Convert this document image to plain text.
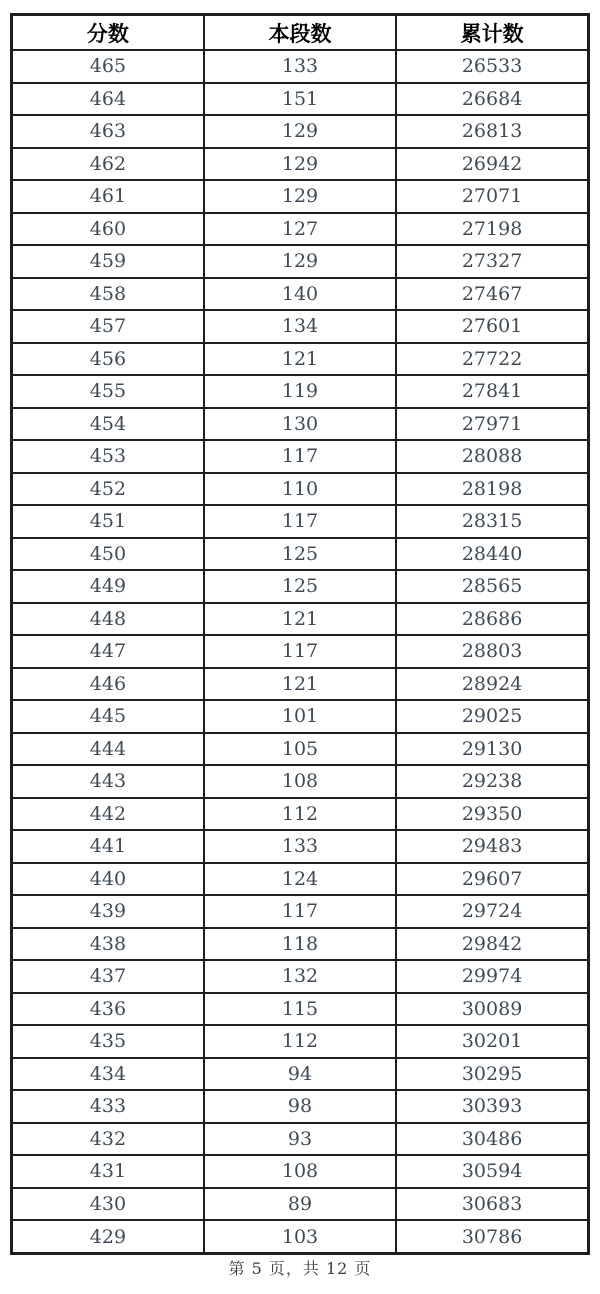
分数	本段数	累计数
465	133	26533
464	151	26684
463	129	26813
462	129	26942
461	129	27071
460	127	27198
459	129	27327
458	140	27467
457	134	27601
456	121	27722
455	119	27841
454	130	27971
453	117	28088
452	110	28198
451	117	28315
450	125	28440
449	125	28565
448	121	28686
447	117	28803
446	121	28924
445	101	29025
444	105	29130
443	108	29238
442	112	29350
441	133	29483
440	124	29607
439	117	29724
438	118	29842
437	132	29974
436	115	30089
435	112	30201
434	94	30295
433	98	30393
432	93	30486
431	108	30594
430	89	30683
429	103	30786
第 5 页，共 12 页
